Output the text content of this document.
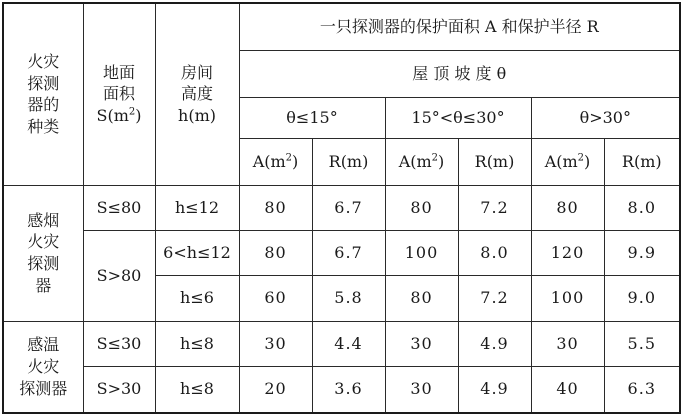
火灾
探测
器的
种类	地面
面积
$S(m^2)$	房间
高度
h(m)	一只探测器的保护面积 A 和保护半径 R					
			屋 顶 坡 度 θ					
			θ≤15°		15°<θ≤30°		θ>30°	
			$A(m^2)$	R(m)	$A(m^2)$	R(m)	$A(m^2)$	R(m)

感烟
火灾
探测
器	S≤80	h≤12	80	6.7	80	7.2	80	8.0
	S>80	6<h≤12	80	6.7	100	8.0	120	9.9
		h≤6	60	5.8	80	7.2	100	9.0

感温
火灾
探测器	S≤30	h≤8	30	4.4	30	4.9	30	5.5
	S>30	h≤8	20	3.6	30	4.9	40	6.3
